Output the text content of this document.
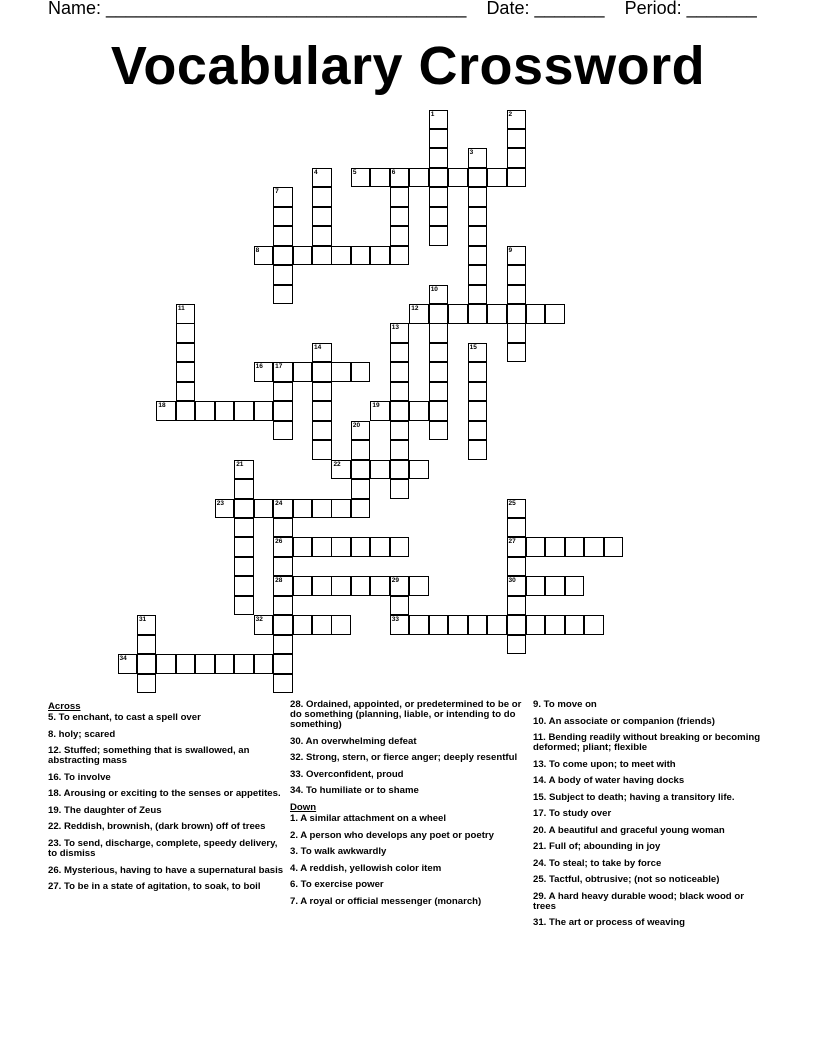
Name: ____________________________________ Date: _______ Period: _______
Vocabulary Crossword
1	2
3
4	5	6
7
8	9
10
11	12
13
14	15
16 17
18	19
20
21	22
23	24
26
28
25
27
30
29
31	32	33
34
Across
5. To enchant, to cast a spell over
8. holy; scared
12. Stuffed; something that is swallowed, an abstracting mass
16. To involve
18. Arousing or exciting to the senses or appetites.
19. The daughter of Zeus
22. Reddish, brownish, (dark brown) off of trees
23. To send, discharge, complete, speedy delivery, to dismiss
26. Mysterious, having to have a supernatural basis
27. To be in a state of agitation, to soak, to boil
28. Ordained, appointed, or predetermined to be or do something (planning, liable, or intending to do something)
30. An overwhelming defeat
32. Strong, stern, or fierce anger; deeply resentful
33. Overconfident, proud
34. To humiliate or to shame
Down
1. A similar attachment on a wheel
2. A person who develops any poet or poetry
3. To walk awkwardly
4. A reddish, yellowish color item
6. To exercise power
7. A royal or official messenger (monarch)
9. To move on
10. An associate or companion (friends)
11. Bending readily without breaking or becoming deformed; pliant; flexible
13. To come upon; to meet with
14. A body of water having docks
15. Subject to death; having a transitory life.
17. To study over
20. A beautiful and graceful young woman
21. Full of; abounding in joy
24. To steal; to take by force
25. Tactful, obtrusive; (not so noticeable)
29. A hard heavy durable wood; black wood or trees
31. The art or process of weaving
